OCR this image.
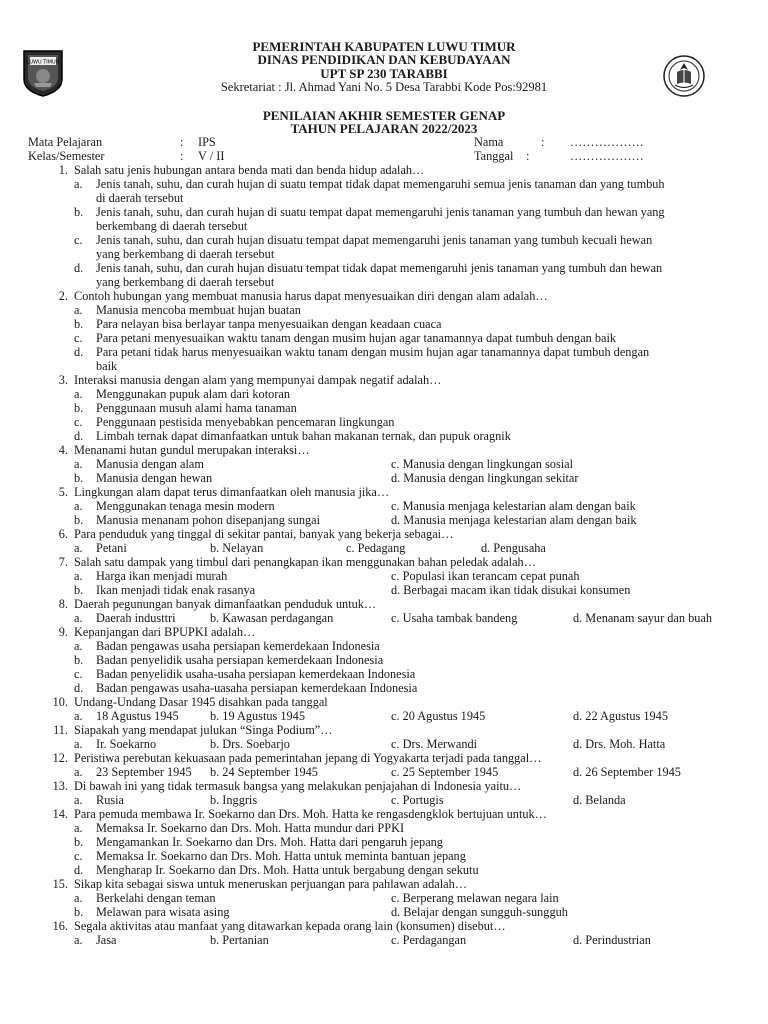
LUWU TIMUR
PEMERINTAH KABUPATEN LUWU TIMUR
DINAS PENDIDIKAN DAN KEBUDAYAAN
UPT SP 230 TARABBI
Sekretariat : Jl. Ahmad Yani No. 5 Desa Tarabbi Kode Pos:92981
PENILAIAN AKHIR SEMESTER GENAP
TAHUN PELAJARAN 2022/2023
Mata Pelajaran	: IPS
Kelas/Semester	: V / II
Nama	: ………………
Tanggal :	………………
1. Salah satu jenis hubungan antara benda mati dan benda hidup adalah…
a. Jenis tanah, suhu, dan curah hujan di suatu tempat tidak dapat memengaruhi semua jenis tanaman dan yang tumbuh
di daerah tersebut
b. Jenis tanah, suhu, dan curah hujan di suatu tempat dapat memengaruhi jenis tanaman yang tumbuh dan hewan yang
berkembang di daerah tersebut
c. Jenis tanah, suhu, dan curah hujan disuatu tempat dapat memengaruhi jenis tanaman yang tumbuh kecuali hewan
yang berkembang di daerah tersebut
d. Jenis tanah, suhu, dan curah hujan disuatu tempat tidak dapat memengaruhi jenis tanaman yang tumbuh dan hewan
yang berkembang di daerah tersebut
2. Contoh hubungan yang membuat manusia harus dapat menyesuaikan diri dengan alam adalah…
a. Manusia mencoba membuat hujan buatan
b. Para nelayan bisa berlayar tanpa menyesuaikan dengan keadaan cuaca
c. Para petani menyesuaikan waktu tanam dengan musim hujan agar tanamannya dapat tumbuh dengan baik
d. Para petani tidak harus menyesuaikan waktu tanam dengan musim hujan agar tanamannya dapat tumbuh dengan
baik
3. Interaksi manusia dengan alam yang mempunyai dampak negatif adalah…
a. Menggunakan pupuk alam dari kotoran
b. Penggunaan musuh alami hama tanaman
c. Penggunaan pestisida menyebabkan pencemaran lingkungan
d. Limbah ternak dapat dimanfaatkan untuk bahan makanan ternak, dan pupuk oragnik
4. Menanami hutan gundul merupakan interaksi…
a. Manusia dengan alam	c. Manusia dengan lingkungan sosial
b. Manusia dengan hewan	d. Manusia dengan lingkungan sekitar
5. Lingkungan alam dapat terus dimanfaatkan oleh manusia jika…
a. Menggunakan tenaga mesin modern	c. Manusia menjaga kelestarian alam dengan baik
b. Manusia menanam pohon disepanjang sungai	d. Manusia menjaga kelestarian alam dengan baik
6. Para penduduk yang tinggal di sekitar pantai, banyak yang bekerja sebagai…
a. Petani	b. Nelayan	c. Pedagang	d. Pengusaha
7. Salah satu dampak yang timbul dari penangkapan ikan menggunakan bahan peledak adalah…
a. Harga ikan menjadi murah	c. Populasi ikan terancam cepat punah
b. Ikan menjadi tidak enak rasanya	d. Berbagai macam ikan tidak disukai konsumen
8. Daerah pegunungan banyak dimanfaatkan penduduk untuk…
a. Daerah industtri	b. Kawasan perdagangan	c. Usaha tambak bandeng	d. Menanam sayur dan buah
9. Kepanjangan dari BPUPKI adalah…
a. Badan pengawas usaha persiapan kemerdekaan Indonesia
b. Badan penyelidik usaha persiapan kemerdekaan Indonesia
c. Badan penyelidik usaha-usaha persiapan kemerdekaan Indonesia
d. Badan pengawas usaha-uasaha persiapan kemerdekaan Indonesia
10. Undang-Undang Dasar 1945 disahkan pada tanggal
a. 18 Agustus 1945	b. 19 Agustus 1945	c. 20 Agustus 1945	d. 22 Agustus 1945
11. Siapakah yang mendapat julukan “Singa Podium”…
a. Ir. Soekarno	b. Drs. Soebarjo	c. Drs. Merwandi	d. Drs. Moh. Hatta
12. Peristiwa perebutan kekuasaan pada pemerintahan jepang di Yogyakarta terjadi pada tanggal…
a. 23 September 1945 b. 24 September 1945	c. 25 September 1945	d. 26 September 1945
13. Di bawah ini yang tidak termasuk bangsa yang melakukan penjajahan di Indonesia yaitu…
a. Rusia	b. Inggris	c. Portugis	d. Belanda
14. Para pemuda membawa Ir. Soekarno dan Drs. Moh. Hatta ke rengasdengklok bertujuan untuk…
a. Memaksa Ir. Soekarno dan Drs. Moh. Hatta mundur dari PPKI
b. Mengamankan Ir. Soekarno dan Drs. Moh. Hatta dari pengaruh jepang
c. Memaksa Ir. Soekarno dan Drs. Moh. Hatta untuk meminta bantuan jepang
d. Mengharap Ir. Soekarno dan Drs. Moh. Hatta untuk bergabung dengan sekutu
15. Sikap kita sebagai siswa untuk meneruskan perjuangan para pahlawan adalah…
a. Berkelahi dengan teman	c. Berperang melawan negara lain
b. Melawan para wisata asing	d. Belajar dengan sungguh-sungguh
16. Segala aktivitas atau manfaat yang ditawarkan kepada orang lain (konsumen) disebut…
a. Jasa	b. Pertanian	c. Perdagangan	d. Perindustrian
